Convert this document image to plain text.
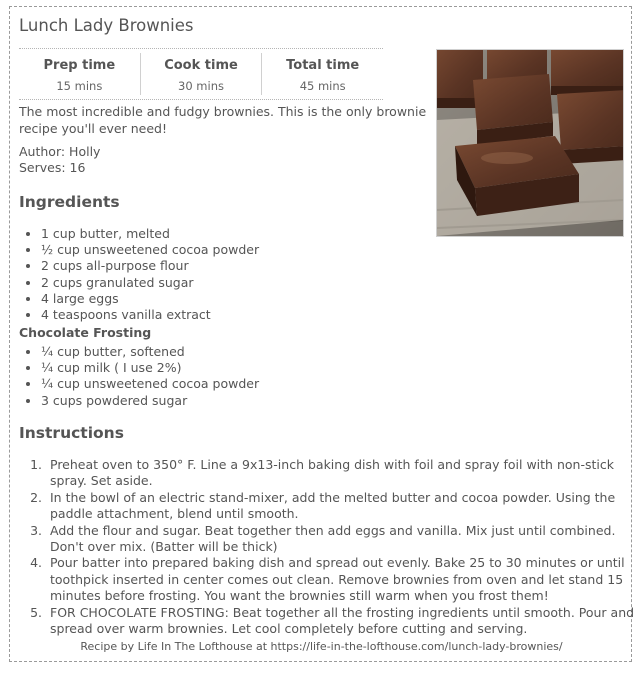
Lunch Lady Brownies
Prep time
15 mins
Cook time
30 mins
Total time
45 mins

The most incredible and fudgy brownies. This is the only brownie recipe you'll ever need!

Author: Holly
Serves: 16
Ingredients
• 1 cup butter, melted
• ½ cup unsweetened cocoa powder
• 2 cups all-purpose flour
• 2 cups granulated sugar
• 4 large eggs
• 4 teaspoons vanilla extract
Chocolate Frosting
• ¼ cup butter, softened
• ¼ cup milk ( I use 2%)
• ¼ cup unsweetened cocoa powder
• 3 cups powdered sugar
Instructions
1. Preheat oven to 350° F. Line a 9x13-inch baking dish with foil and spray foil with non-stick spray. Set aside.
2. In the bowl of an electric stand-mixer, add the melted butter and cocoa powder. Using the paddle attachment, blend until smooth.
3. Add the flour and sugar. Beat together then add eggs and vanilla. Mix just until combined. Don't over mix. (Batter will be thick)
4. Pour batter into prepared baking dish and spread out evenly. Bake 25 to 30 minutes or until toothpick inserted in center comes out clean. Remove brownies from oven and let stand 15 minutes before frosting. You want the brownies still warm when you frost them!
5. FOR CHOCOLATE FROSTING: Beat together all the frosting ingredients until smooth. Pour and spread over warm brownies. Let cool completely before cutting and serving.
Recipe by Life In The Lofthouse at https://life-in-the-lofthouse.com/lunch-lady-brownies/
